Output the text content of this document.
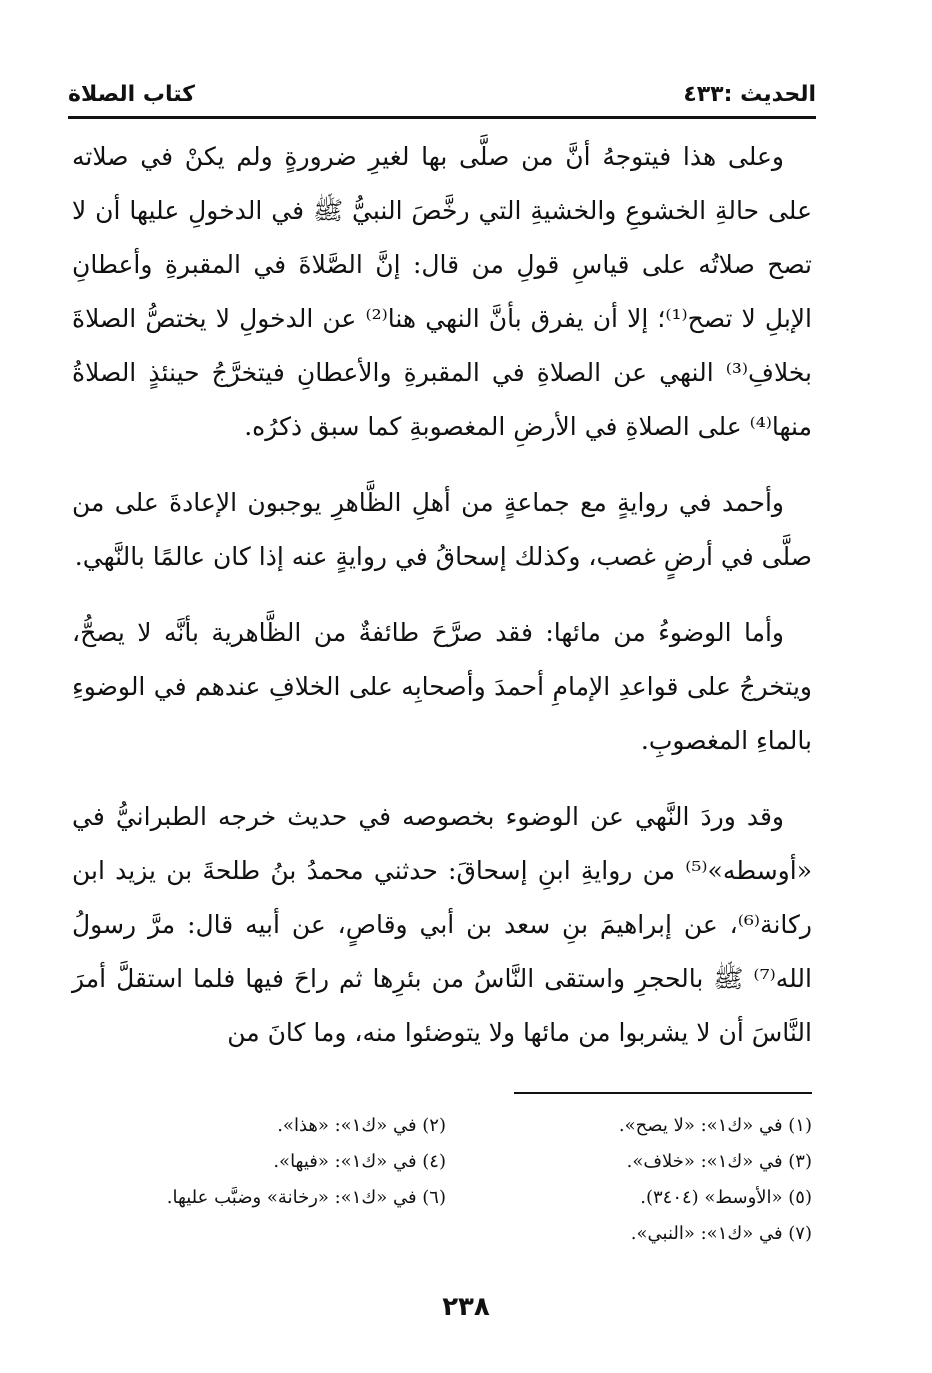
الحديث :٤٣٣
كتاب الصلاة

وعلى هذا فيتوجهُ أنَّ من صلَّى بها لغيرِ ضرورةٍ ولم يكنْ في صلاته على حالةِ الخشوعِ والخشيةِ التي رخَّصَ النبيُّ ﷺ في الدخولِ عليها أن لا تصح صلاتُه على قياسِ قولِ من قال: إنَّ الصَّلاةَ في المقبرةِ وأعطانِ الإبلِ لا تصح⁽¹⁾؛ إلا أن يفرق بأنَّ النهي هنا⁽²⁾ عن الدخولِ لا يختصُّ الصلاةَ بخلافِ⁽³⁾ النهي عن الصلاةِ في المقبرةِ والأعطانِ فيتخرَّجُ حينئذٍ الصلاةُ منها⁽⁴⁾ على الصلاةِ في الأرضِ المغصوبةِ كما سبق ذكرُه.

وأحمد في روايةٍ مع جماعةٍ من أهلِ الظَّاهرِ يوجبون الإعادةَ على من صلَّى في أرضٍ غصب، وكذلك إسحاقُ في روايةٍ عنه إذا كان عالمًا بالنَّهي.

وأما الوضوءُ من مائها: فقد صرَّحَ طائفةٌ من الظَّاهرية بأنَّه لا يصحُّ، ويتخرجُ على قواعدِ الإمامِ أحمدَ وأصحابِه على الخلافِ عندهم في الوضوءِ بالماءِ المغصوبِ.

وقد وردَ النَّهي عن الوضوء بخصوصه في حديث خرجه الطبرانيُّ في «أوسطه»⁽⁵⁾ من روايةِ ابنِ إسحاقَ: حدثني محمدُ بنُ طلحةَ بن يزيد ابن ركانة⁽⁶⁾، عن إبراهيمَ بنِ سعد بن أبي وقاصٍ، عن أبيه قال: مرَّ رسولُ الله⁽⁷⁾ ﷺ بالحجرِ واستقى النَّاسُ من بئرِها ثم راحَ فيها فلما استقلَّ أمرَ النَّاسَ أن لا يشربوا من مائها ولا يتوضئوا منه، وما كانَ من

(١) في «ك١»: «لا يصح».
(٢) في «ك١»: «هذا».
(٣) في «ك١»: «خلاف».
(٤) في «ك١»: «فيها».
(٥) «الأوسط» (٣٤٠٤).
(٦) في «ك١»: «رخانة» وضبَّب عليها.
(٧) في «ك١»: «النبي».
٢٣٨
